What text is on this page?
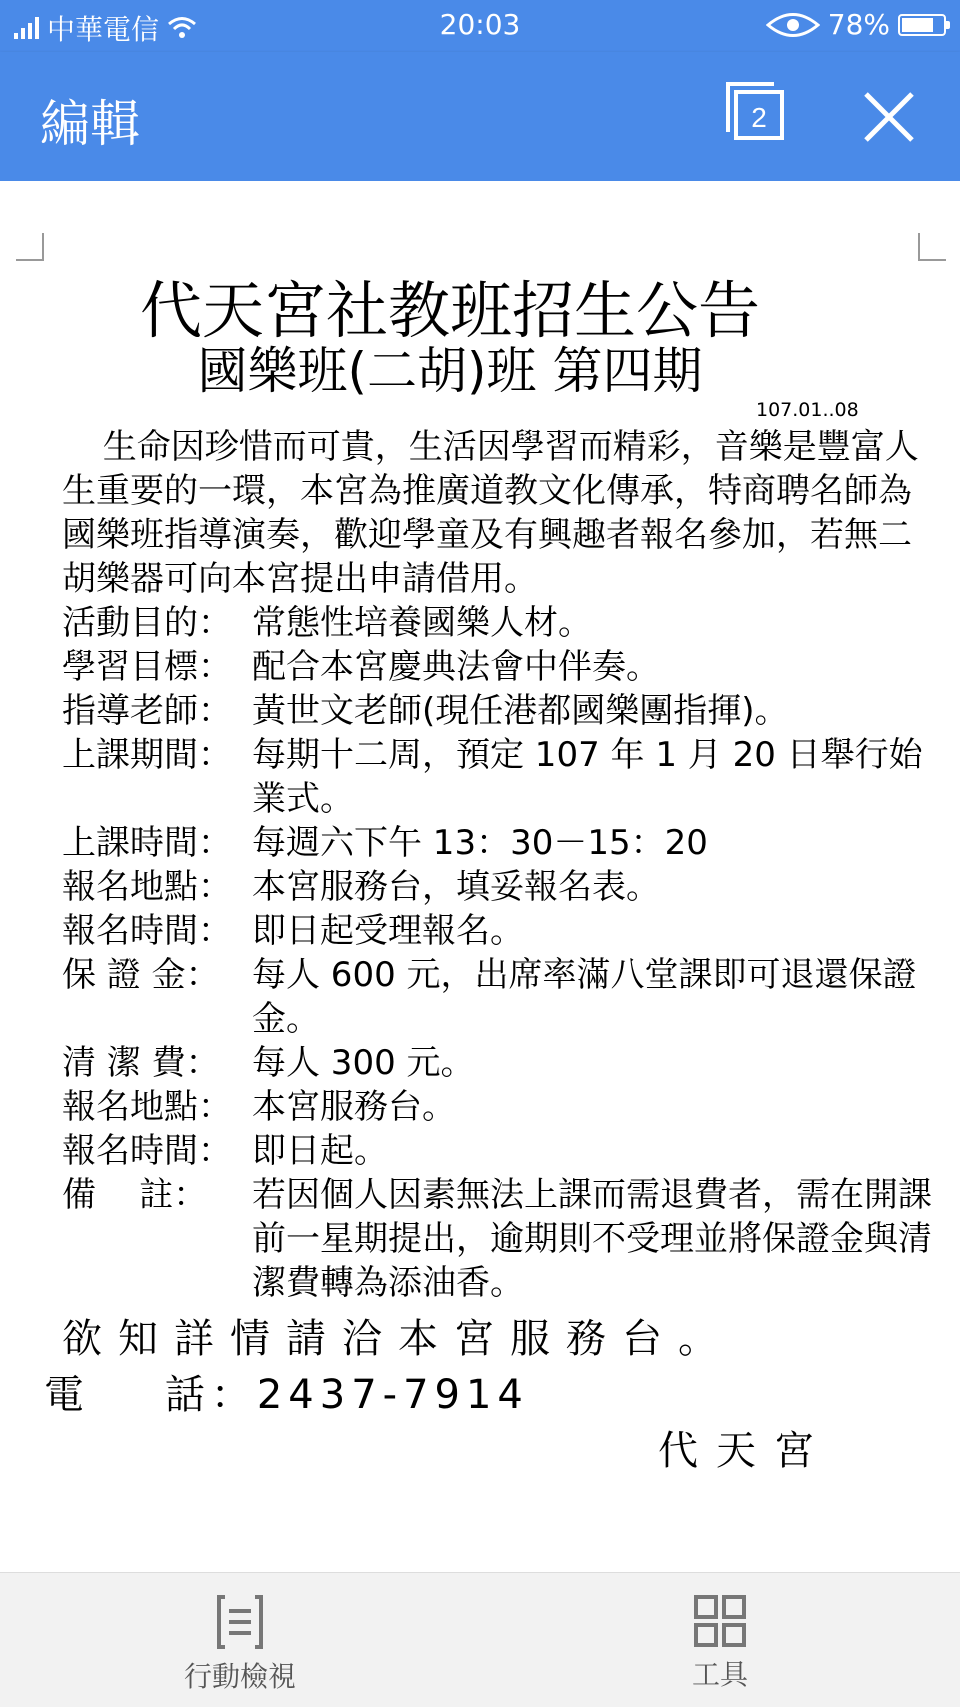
中華電信	20:03	78%
編輯	2
代天宮社教班招生公告
國樂班(二胡)班 第四期
107.01..08

生命因珍惜而可貴，生活因學習而精彩，音樂是豐富人生重要的一環，本宮為推廣道教文化傳承，特商聘名師為國樂班指導演奏，歡迎學童及有興趣者報名參加，若無二胡樂器可向本宮提出申請借用。

活動目的： 常態性培養國樂人材。
學習目標： 配合本宮慶典法會中伴奏。
指導老師： 黃世文老師(現任港都國樂團指揮)。
上課期間： 每期十二周，預定 107 年 1 月 20 日舉行始業式。
上課時間： 每週六下午 13：30－15：20
報名地點： 本宮服務台，填妥報名表。
報名時間： 即日起受理報名。
保 證 金： 每人 600 元，出席率滿八堂課即可退還保證金。
清 潔 費： 每人 300 元。
報名地點： 本宮服務台。
報名時間： 即日起。
備    註：	若因個人因素無法上課而需退費者，需在開課前一星期提出，逾期則不受理並將保證金與清潔費轉為添油香。
欲知詳情請洽本宮服務台。
電    話：2437-7914
代天宮
行動檢視	工具
